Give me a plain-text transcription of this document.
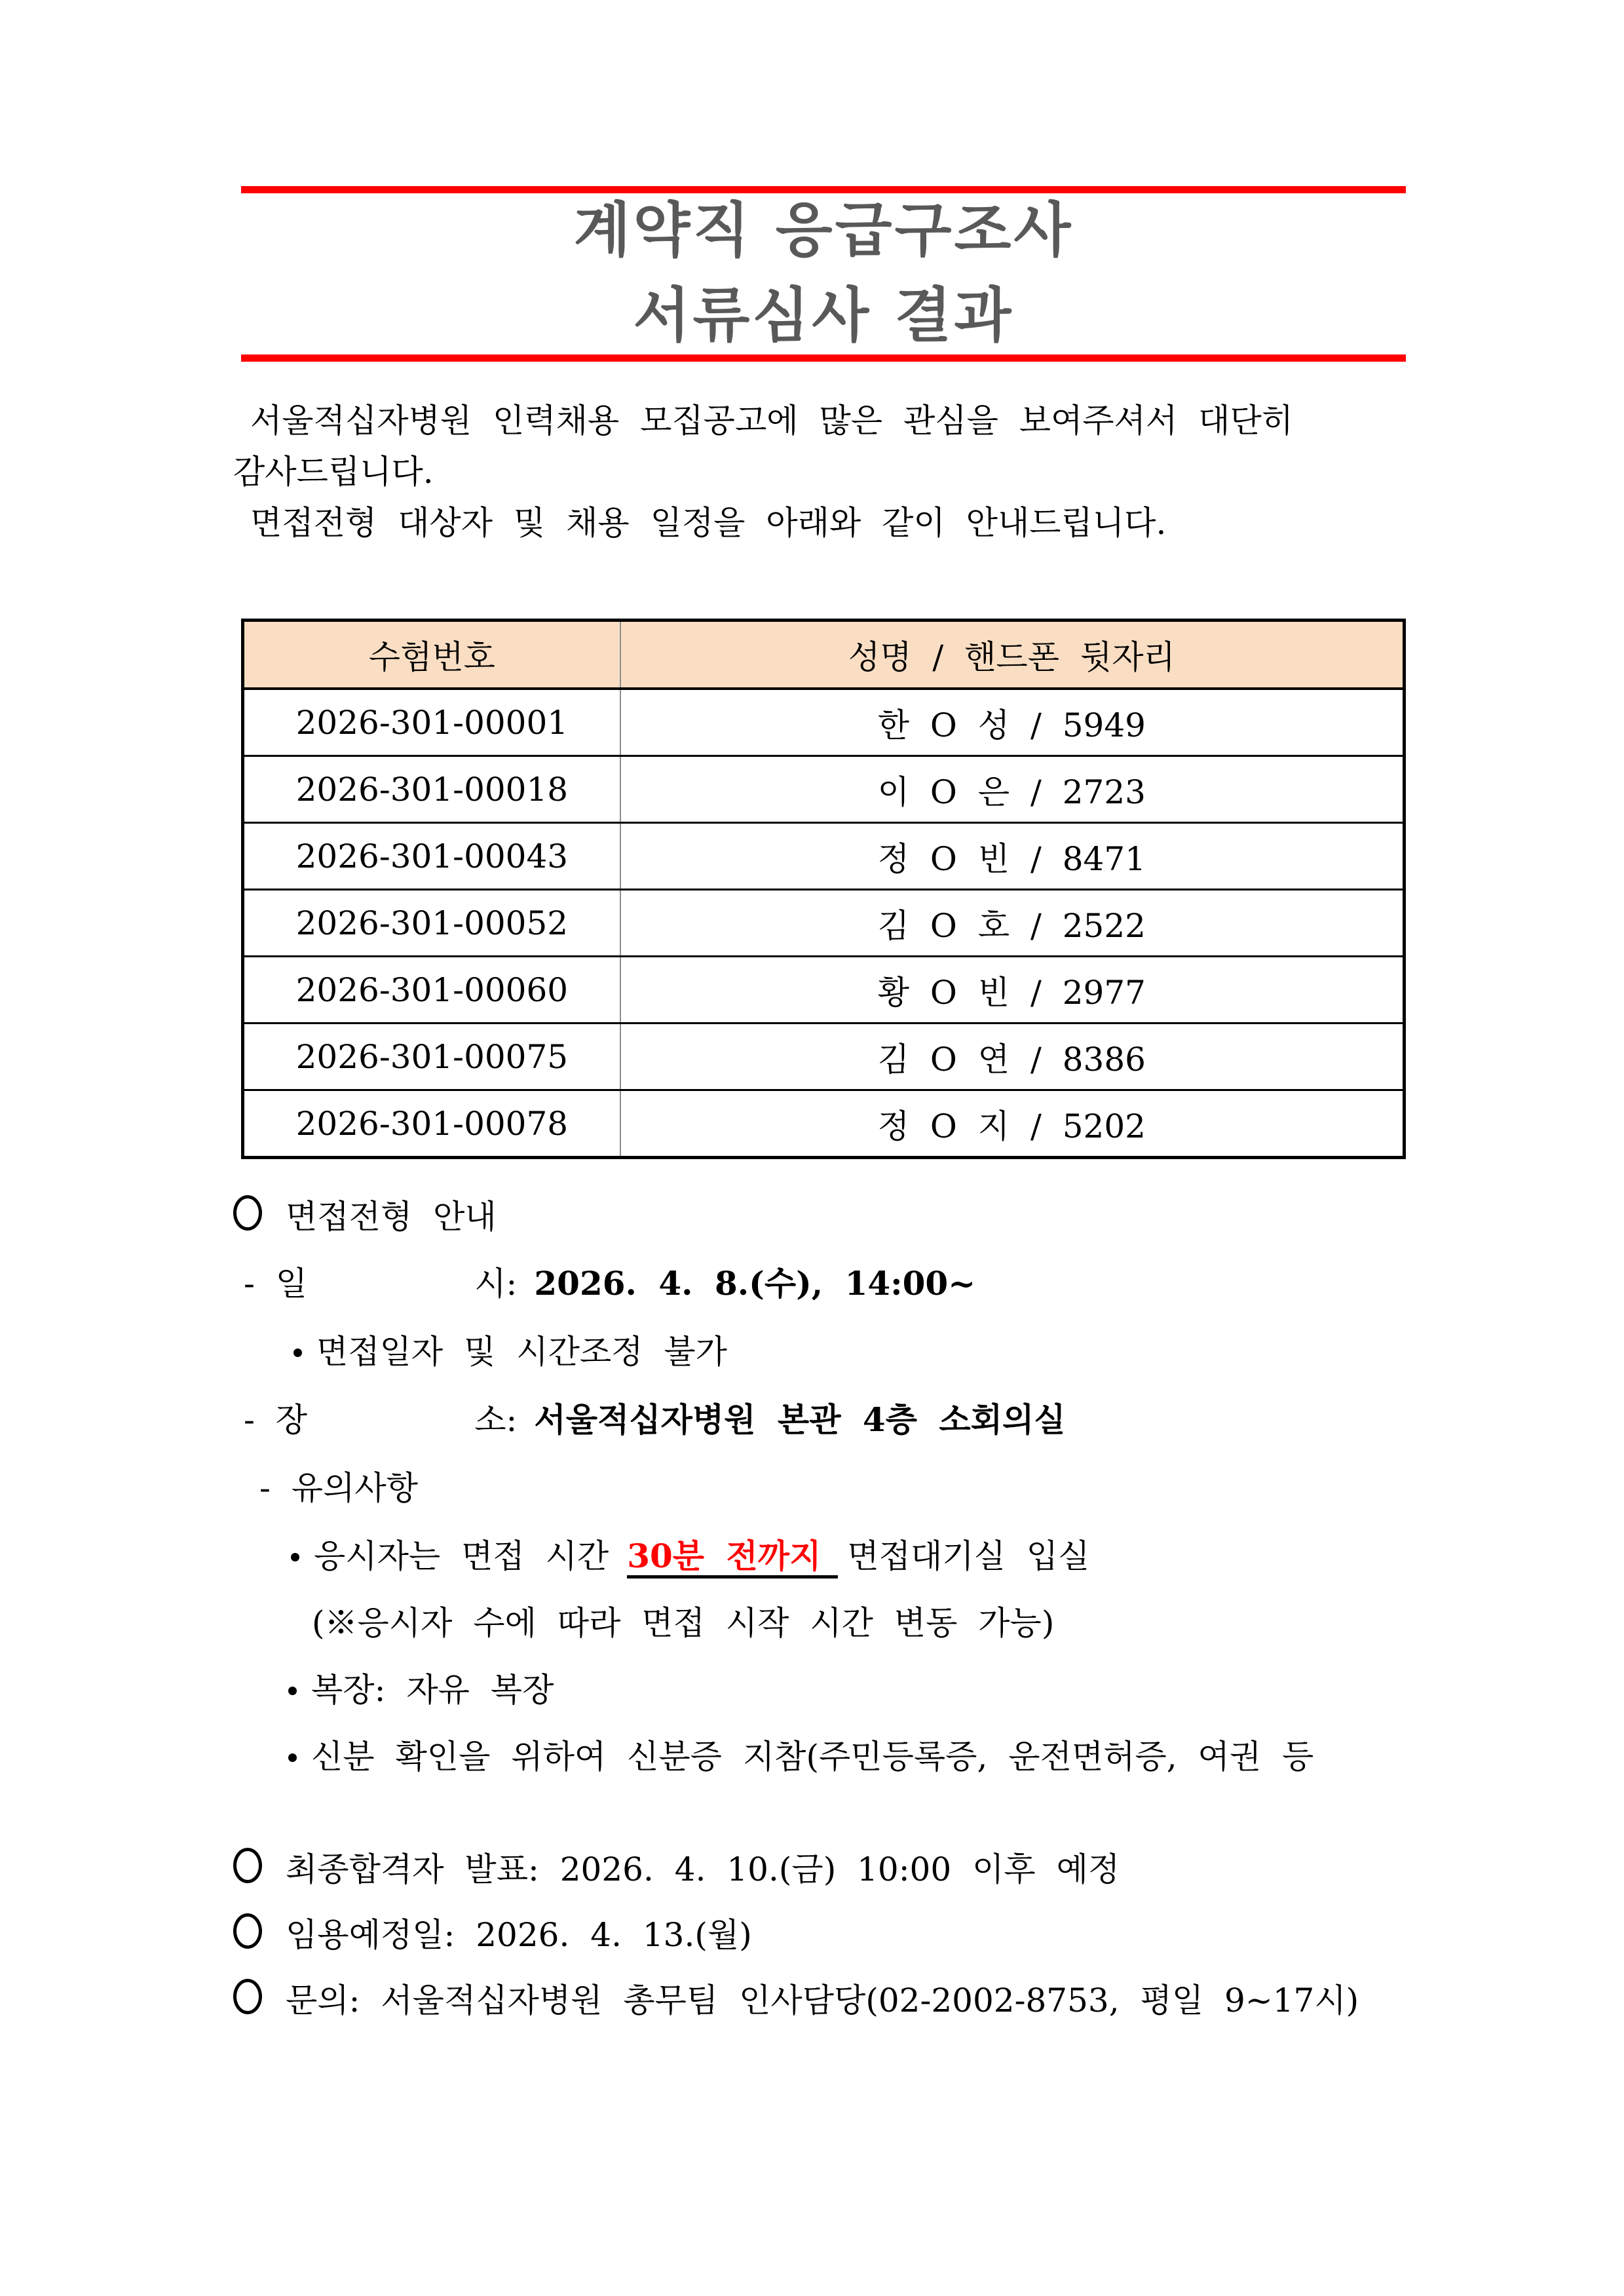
계약직 응급구조사
서류심사 결과
서울적십자병원 인력채용 모집공고에 많은 관심을 보여주셔서 대단히
감사드립니다.
면접전형 대상자 및 채용 일정을 아래와 같이 안내드립니다.
수험번호	성명 / 핸드폰 뒷자리
2026-301-00001	한 O 성 / 5949
2026-301-00018	이 O 은 / 2723
2026-301-00043	정 O 빈 / 8471
2026-301-00052	김 O 호 / 2522
2026-301-00060	황 O 빈 / 2977
2026-301-00075	김 O 연 / 8386
2026-301-00078	정 O 지 / 5202
면접전형 안내
- 일        시: 2026. 4. 8.(수), 14:00~
면접일자 및 시간조정 불가
- 장        소: 서울적십자병원 본관 4층 소회의실
- 유의사항
응시자는 면접 시간 30분 전까지 면접대기실 입실
(※응시자 수에 따라 면접 시작 시간 변동 가능)
복장: 자유 복장
신분 확인을 위하여 신분증 지참(주민등록증, 운전면허증, 여권 등
최종합격자 발표: 2026. 4. 10.(금) 10:00 이후 예정
임용예정일: 2026. 4. 13.(월)
문의: 서울적십자병원 총무팀 인사담당(02-2002-8753, 평일 9~17시)
